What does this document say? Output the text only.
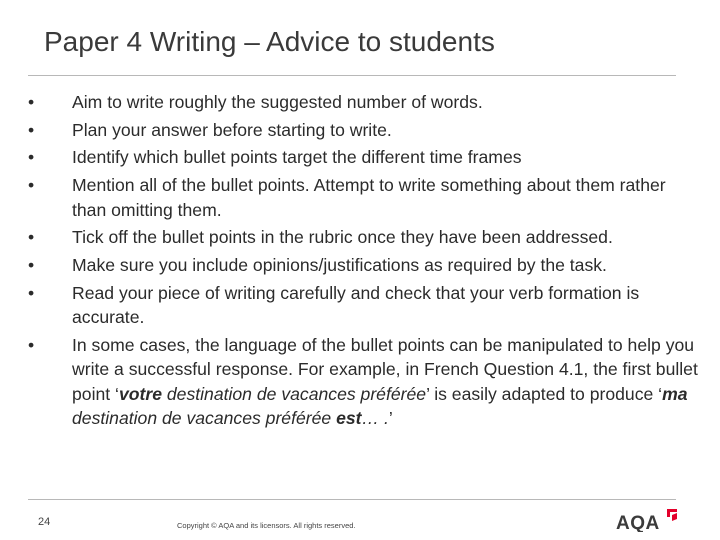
Paper 4 Writing – Advice to students
•	Aim to write roughly the suggested number of words.
•	Plan your answer before starting to write.
•	Identify which bullet points target the different time frames
•	Mention all of the bullet points. Attempt to write something about them rather than omitting them.
•	Tick off the bullet points in the rubric once they have been addressed.
•	Make sure you include opinions/justifications as required by the task.
•	Read your piece of writing carefully and check that your verb formation is accurate.
•	In some cases, the language of the bullet points can be manipulated to help you write a successful response. For example, in French Question 4.1, the first bullet point ‘votre destination de vacances préférée’ is easily adapted to produce ‘ma destination de vacances préférée est… .’
24	Copyright © AQA and its licensors. All rights reserved.	AQA
